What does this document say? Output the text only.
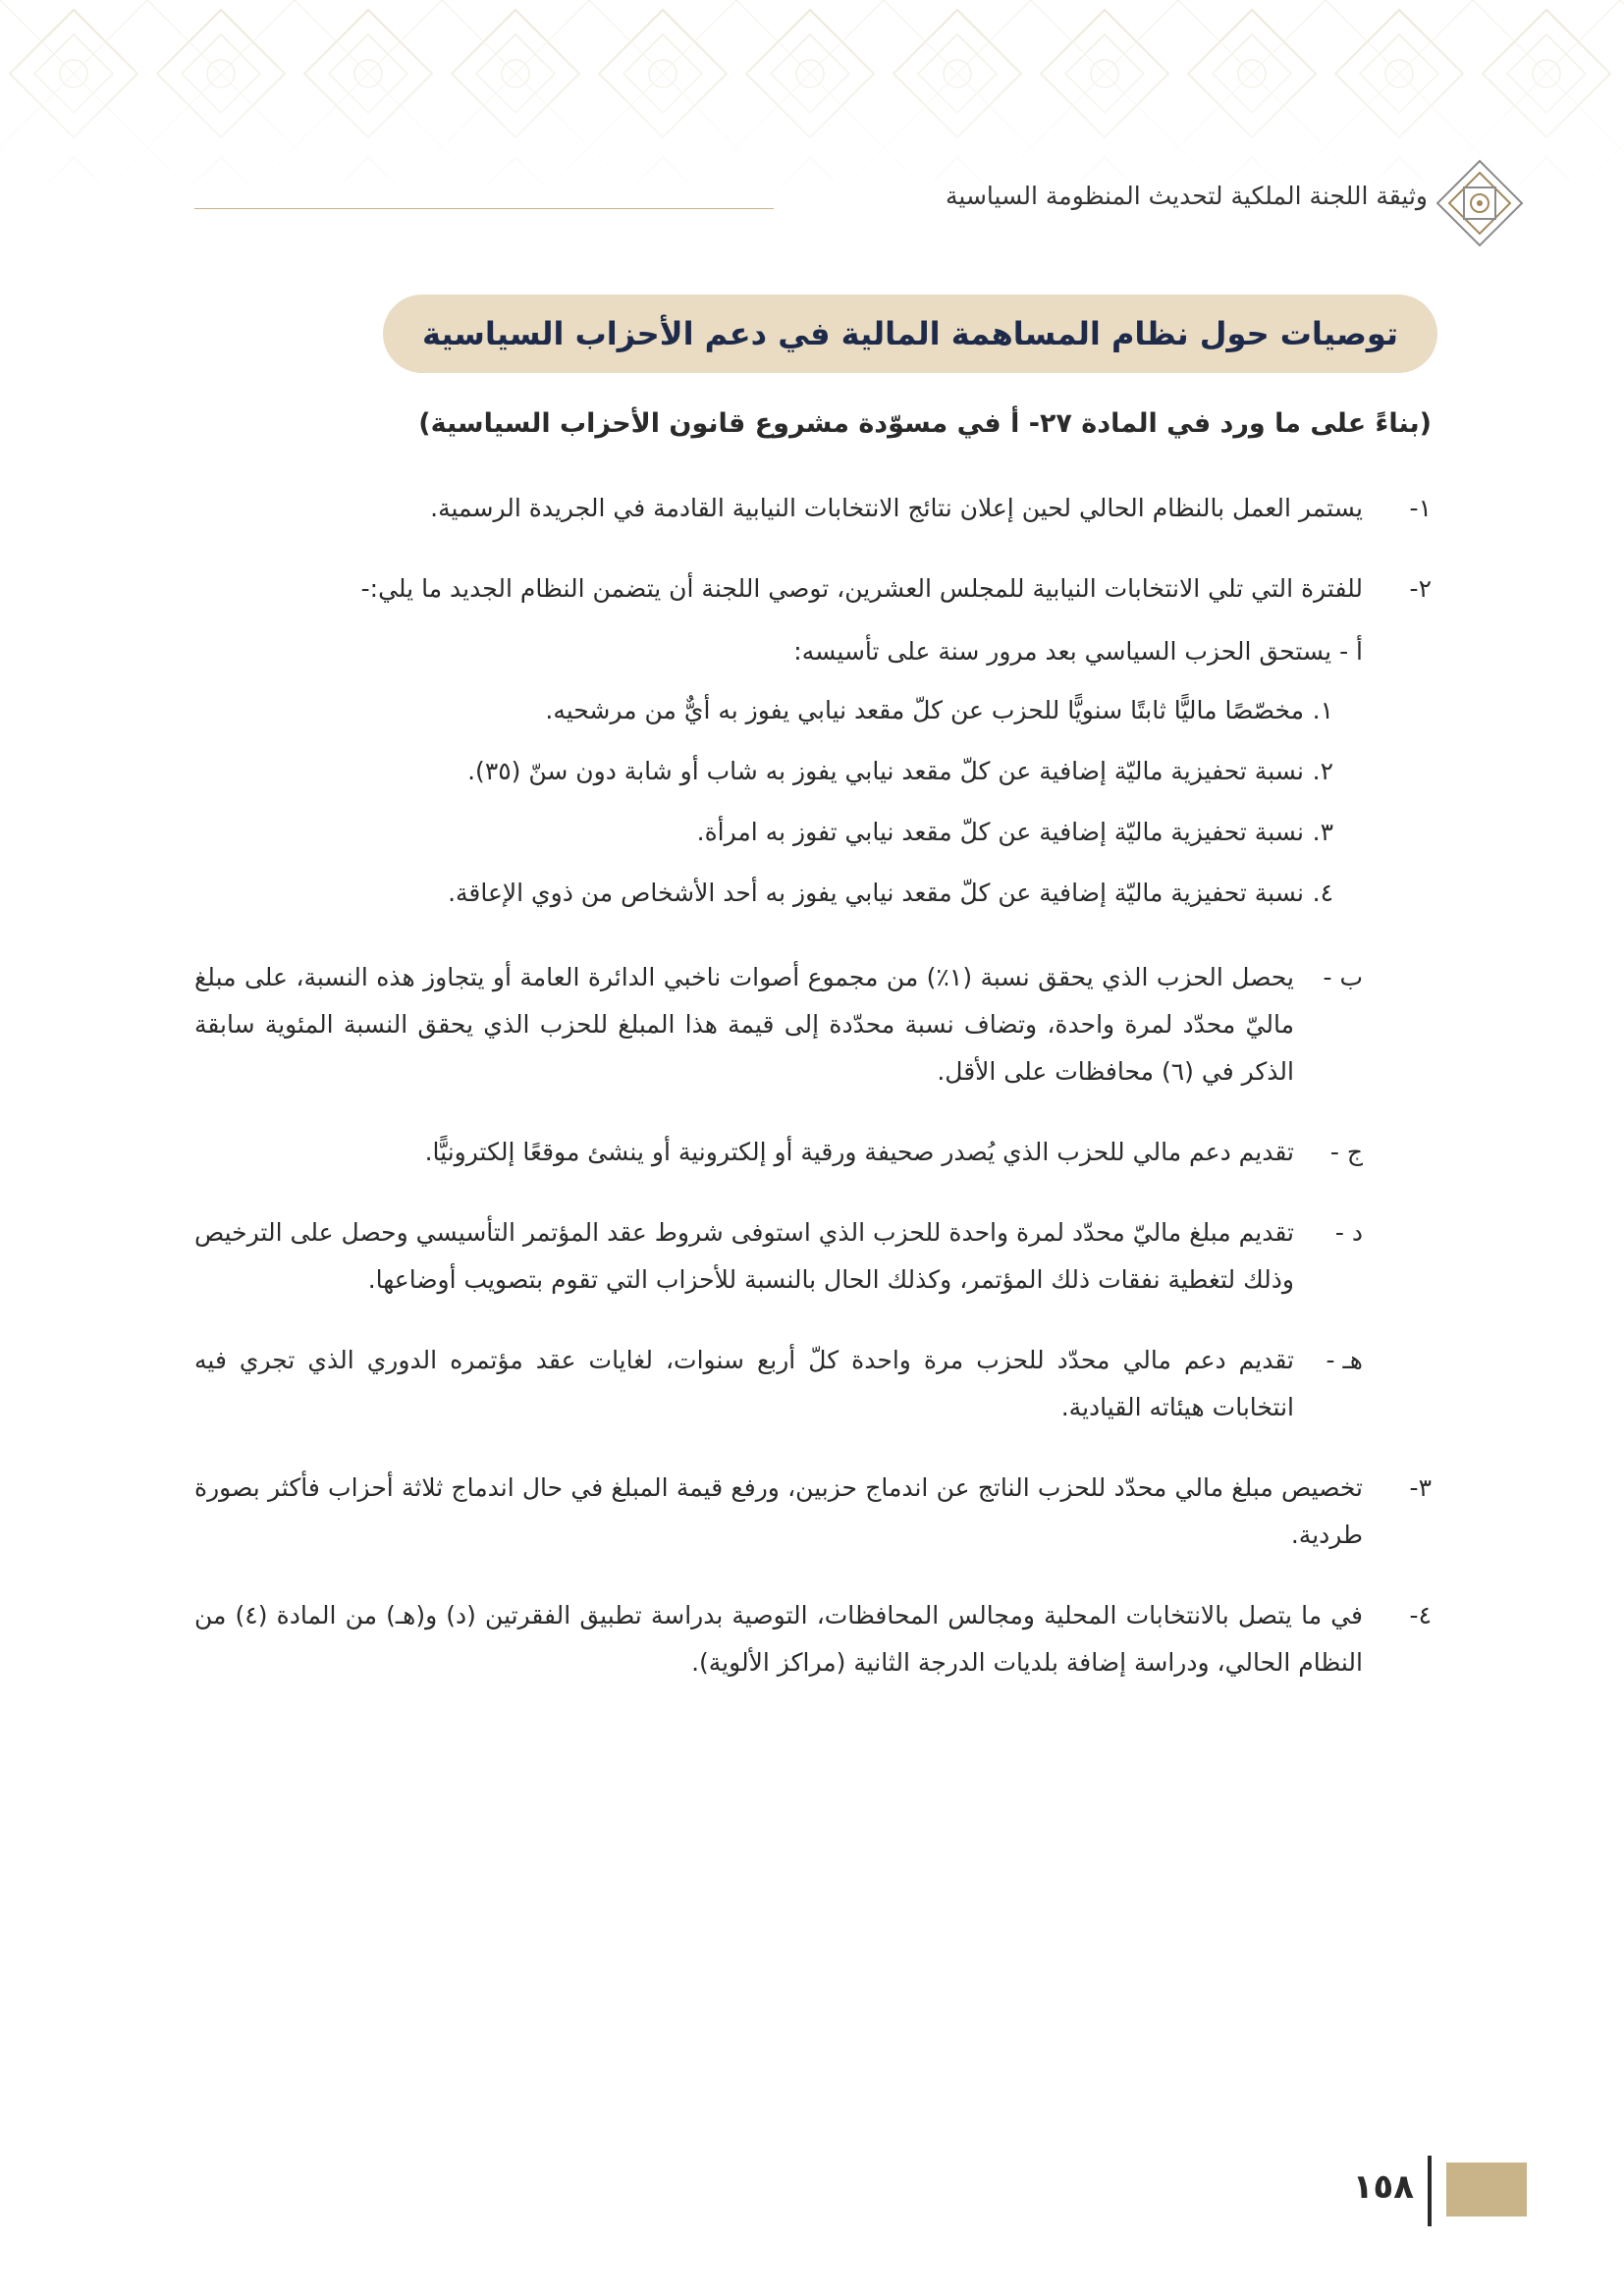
وثيقة اللجنة الملكية لتحديث المنظومة السياسية
توصيات حول نظام المساهمة المالية في دعم الأحزاب السياسية
(بناءً على ما ورد في المادة ٢٧- أ في مسوّدة مشروع قانون الأحزاب السياسية)
١-
يستمر العمل بالنظام الحالي لحين إعلان نتائج الانتخابات النيابية القادمة في الجريدة الرسمية.
٢-
للفترة التي تلي الانتخابات النيابية للمجلس العشرين، توصي اللجنة أن يتضمن النظام الجديد ما يلي:-
أ - يستحق الحزب السياسي بعد مرور سنة على تأسيسه:
١.
مخصّصًا ماليًّا ثابتًا سنويًّا للحزب عن كلّ مقعد نيابي يفوز به أيٌّ من مرشحيه.
٢.
نسبة تحفيزية ماليّة إضافية عن كلّ مقعد نيابي يفوز به شاب أو شابة دون سنّ (٣٥).
٣.
نسبة تحفيزية ماليّة إضافية عن كلّ مقعد نيابي تفوز به امرأة.
٤.
نسبة تحفيزية ماليّة إضافية عن كلّ مقعد نيابي يفوز به أحد الأشخاص من ذوي الإعاقة.
ب -
يحصل الحزب الذي يحقق نسبة (١٪) من مجموع أصوات ناخبي الدائرة العامة أو يتجاوز هذه النسبة، على مبلغ ماليّ محدّد لمرة واحدة، وتضاف نسبة محدّدة إلى قيمة هذا المبلغ للحزب الذي يحقق النسبة المئوية سابقة الذكر في (٦) محافظات على الأقل.
ج -
تقديم دعم مالي للحزب الذي يُصدر صحيفة ورقية أو إلكترونية أو ينشئ موقعًا إلكترونيًّا.
د -
تقديم مبلغ ماليّ محدّد لمرة واحدة للحزب الذي استوفى شروط عقد المؤتمر التأسيسي وحصل على الترخيص وذلك لتغطية نفقات ذلك المؤتمر، وكذلك الحال بالنسبة للأحزاب التي تقوم بتصويب أوضاعها.
هـ -
تقديم دعم مالي محدّد للحزب مرة واحدة كلّ أربع سنوات، لغايات عقد مؤتمره الدوري الذي تجري فيه انتخابات هيئاته القيادية.
٣-
تخصيص مبلغ مالي محدّد للحزب الناتج عن اندماج حزبين، ورفع قيمة المبلغ في حال اندماج ثلاثة أحزاب فأكثر بصورة طردية.
٤-
في ما يتصل بالانتخابات المحلية ومجالس المحافظات، التوصية بدراسة تطبيق الفقرتين (د) و(هـ) من المادة (٤) من النظام الحالي، ودراسة إضافة بلديات الدرجة الثانية (مراكز الألوية).
١٥٨
